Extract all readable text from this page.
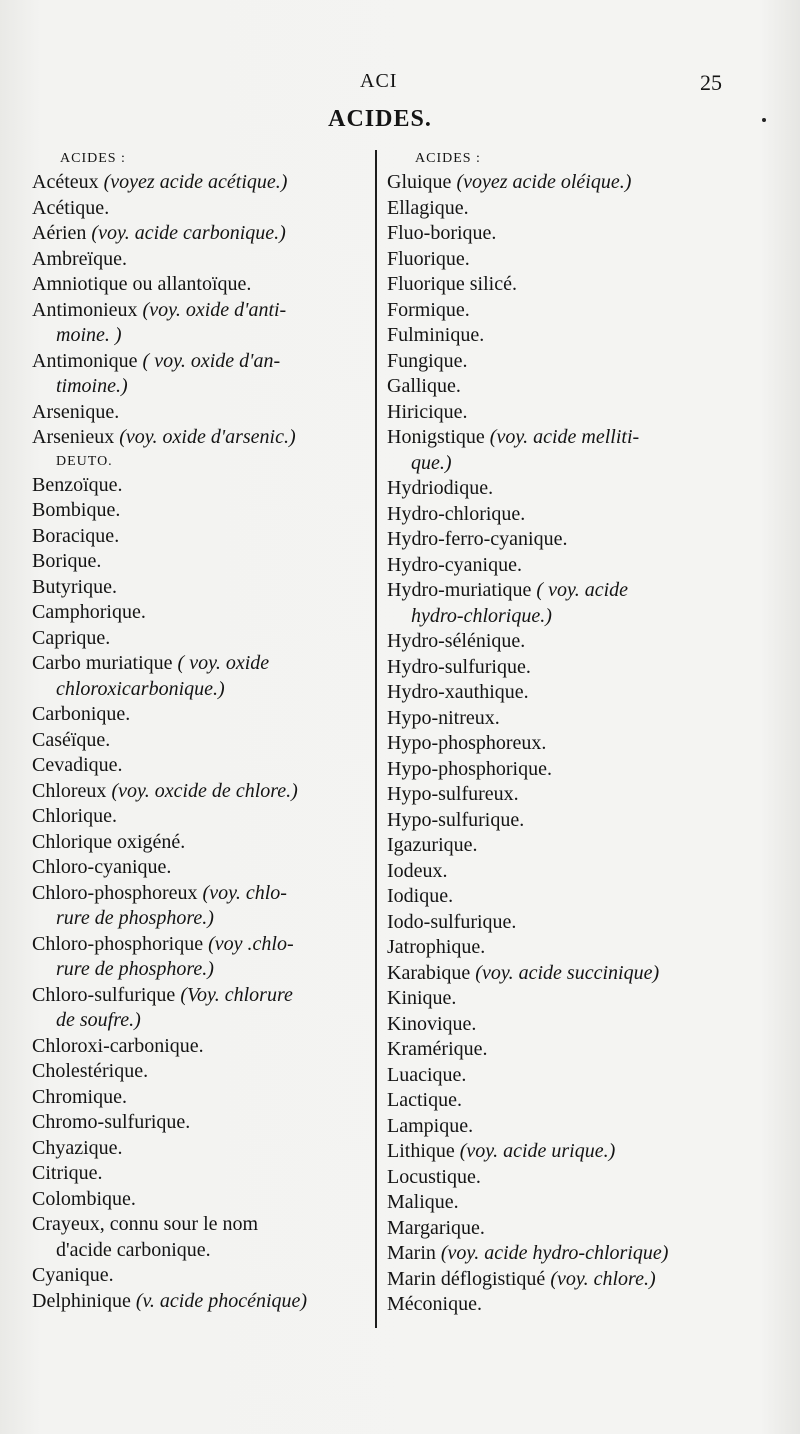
ACI	25
ACIDES.
ACIDES :
Acéteux (voyez acide acétique.)
Acétique.
Aérien (voy. acide carbonique.)
Ambreïque.
Amniotique ou allantoïque.
Antimonieux (voy. oxide d'anti-
moine. )
Antimonique ( voy. oxide d'an-
timoine.)
Arsenique.
Arsenieux (voy. oxide d'arsenic.)
DEUTO.
Benzoïque.
Bombique.
Boracique.
Borique.
Butyrique.
Camphorique.
Caprique.
Carbo muriatique ( voy. oxide
chloroxicarbonique.)
Carbonique.
Caséïque.
Cevadique.
Chloreux (voy. oxcide de chlore.)
Chlorique.
Chlorique oxigéné.
Chloro-cyanique.
Chloro-phosphoreux (voy. chlo-
rure de phosphore.)
Chloro-phosphorique (voy .chlo-
rure de phosphore.)
Chloro-sulfurique (Voy. chlorure
de soufre.)
Chloroxi-carbonique.
Cholestérique.
Chromique.
Chromo-sulfurique.
Chyazique.
Citrique.
Colombique.
Crayeux, connu sour le nom
d'acide carbonique.
Cyanique.
Delphinique (v. acide phocénique)
ACIDES :
Gluique (voyez acide oléique.)
Ellagique.
Fluo-borique.
Fluorique.
Fluorique silicé.
Formique.
Fulminique.
Fungique.
Gallique.
Hiricique.
Honigstique (voy. acide melliti-
que.)
Hydriodique.
Hydro-chlorique.
Hydro-ferro-cyanique.
Hydro-cyanique.
Hydro-muriatique ( voy. acide
hydro-chlorique.)
Hydro-sélénique.
Hydro-sulfurique.
Hydro-xauthique.
Hypo-nitreux.
Hypo-phosphoreux.
Hypo-phosphorique.
Hypo-sulfureux.
Hypo-sulfurique.
Igazurique.
Iodeux.
Iodique.
Iodo-sulfurique.
Jatrophique.
Karabique (voy. acide succinique)
Kinique.
Kinovique.
Kramérique.
Luacique.
Lactique.
Lampique.
Lithique (voy. acide urique.)
Locustique.
Malique.
Margarique.
Marin (voy. acide hydro-chlorique)
Marin déflogistiqué (voy. chlore.)
Méconique.
